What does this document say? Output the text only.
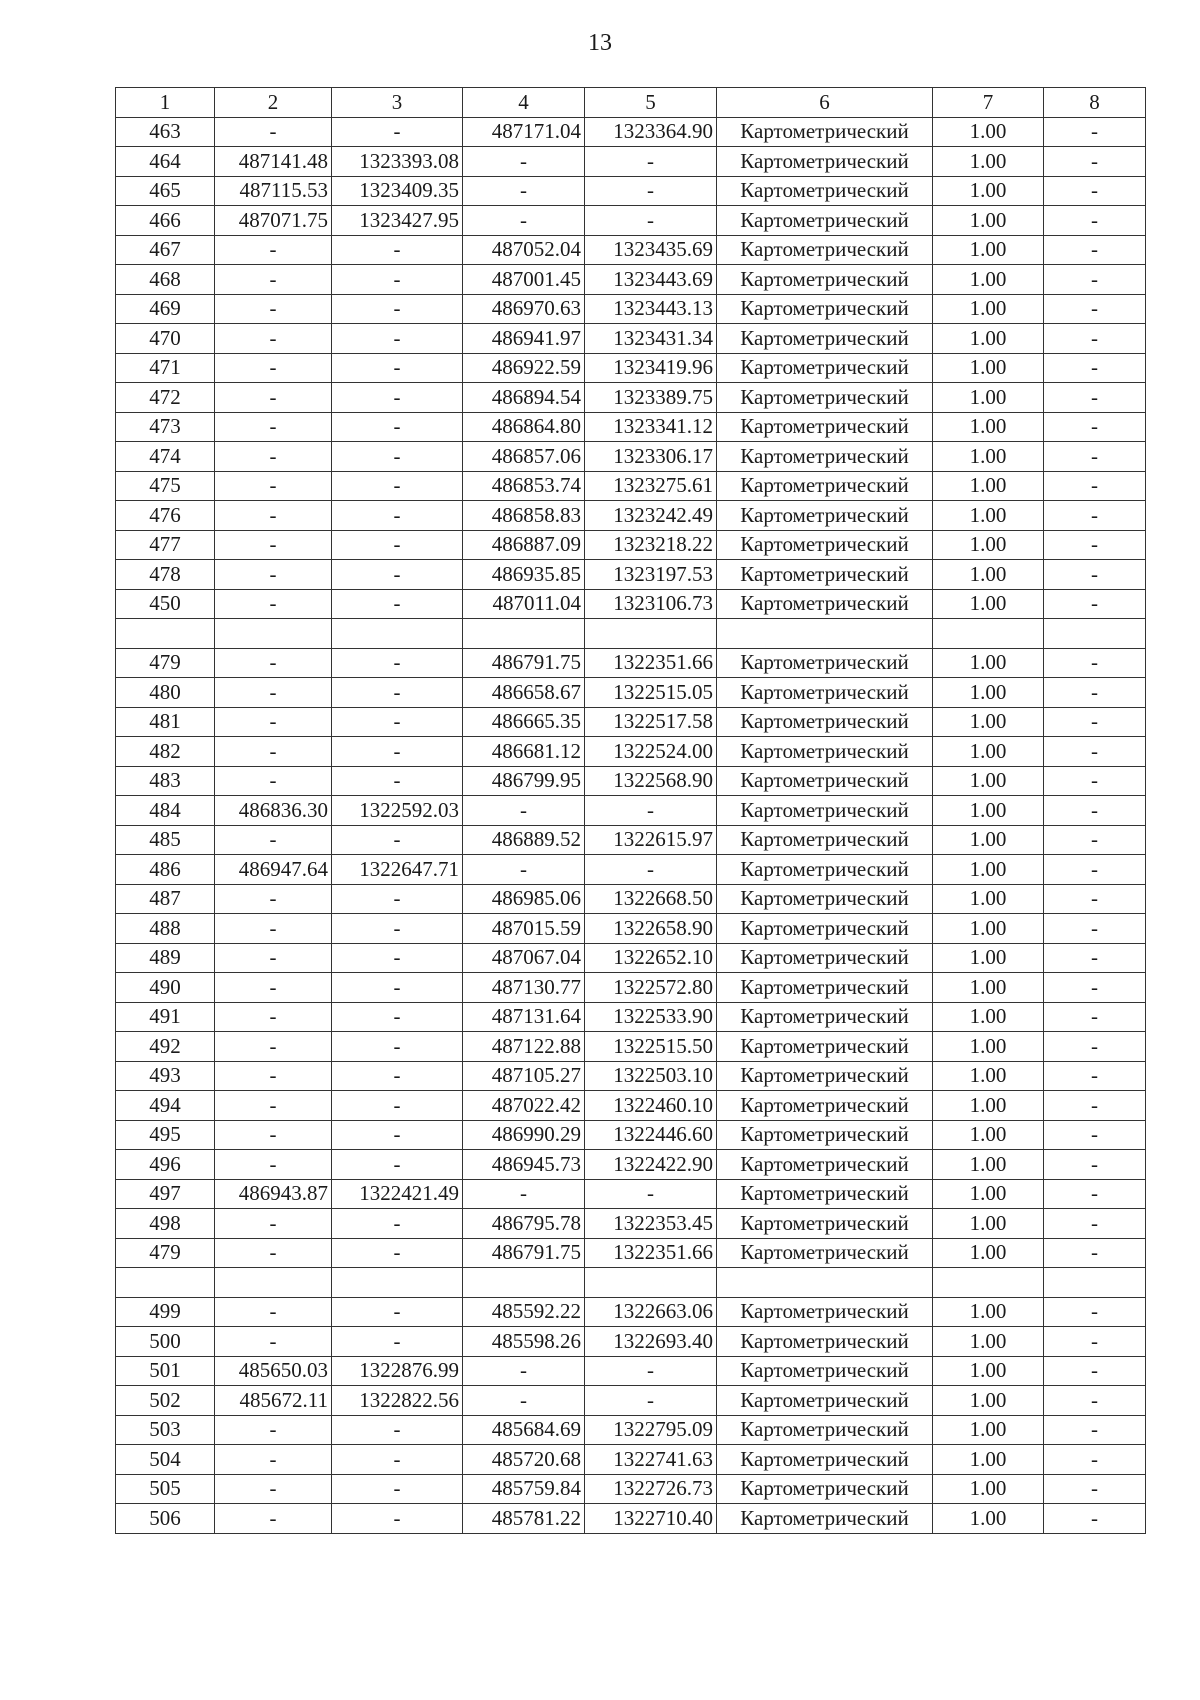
13
1	2	3	4	5	6	7	8
463	-	-	487171.04	1323364.90	Картометрический	1.00	-
464	487141.48	1323393.08	-	-	Картометрический	1.00	-
465	487115.53	1323409.35	-	-	Картометрический	1.00	-
466	487071.75	1323427.95	-	-	Картометрический	1.00	-
467	-	-	487052.04	1323435.69	Картометрический	1.00	-
468	-	-	487001.45	1323443.69	Картометрический	1.00	-
469	-	-	486970.63	1323443.13	Картометрический	1.00	-
470	-	-	486941.97	1323431.34	Картометрический	1.00	-
471	-	-	486922.59	1323419.96	Картометрический	1.00	-
472	-	-	486894.54	1323389.75	Картометрический	1.00	-
473	-	-	486864.80	1323341.12	Картометрический	1.00	-
474	-	-	486857.06	1323306.17	Картометрический	1.00	-
475	-	-	486853.74	1323275.61	Картометрический	1.00	-
476	-	-	486858.83	1323242.49	Картометрический	1.00	-
477	-	-	486887.09	1323218.22	Картометрический	1.00	-
478	-	-	486935.85	1323197.53	Картометрический	1.00	-
450	-	-	487011.04	1323106.73	Картометрический	1.00	-

479	-	-	486791.75	1322351.66	Картометрический	1.00	-
480	-	-	486658.67	1322515.05	Картометрический	1.00	-
481	-	-	486665.35	1322517.58	Картометрический	1.00	-
482	-	-	486681.12	1322524.00	Картометрический	1.00	-
483	-	-	486799.95	1322568.90	Картометрический	1.00	-
484	486836.30	1322592.03	-	-	Картометрический	1.00	-
485	-	-	486889.52	1322615.97	Картометрический	1.00	-
486	486947.64	1322647.71	-	-	Картометрический	1.00	-
487	-	-	486985.06	1322668.50	Картометрический	1.00	-
488	-	-	487015.59	1322658.90	Картометрический	1.00	-
489	-	-	487067.04	1322652.10	Картометрический	1.00	-
490	-	-	487130.77	1322572.80	Картометрический	1.00	-
491	-	-	487131.64	1322533.90	Картометрический	1.00	-
492	-	-	487122.88	1322515.50	Картометрический	1.00	-
493	-	-	487105.27	1322503.10	Картометрический	1.00	-
494	-	-	487022.42	1322460.10	Картометрический	1.00	-
495	-	-	486990.29	1322446.60	Картометрический	1.00	-
496	-	-	486945.73	1322422.90	Картометрический	1.00	-
497	486943.87	1322421.49	-	-	Картометрический	1.00	-
498	-	-	486795.78	1322353.45	Картометрический	1.00	-
479	-	-	486791.75	1322351.66	Картометрический	1.00	-

499	-	-	485592.22	1322663.06	Картометрический	1.00	-
500	-	-	485598.26	1322693.40	Картометрический	1.00	-
501	485650.03	1322876.99	-	-	Картометрический	1.00	-
502	485672.11	1322822.56	-	-	Картометрический	1.00	-
503	-	-	485684.69	1322795.09	Картометрический	1.00	-
504	-	-	485720.68	1322741.63	Картометрический	1.00	-
505	-	-	485759.84	1322726.73	Картометрический	1.00	-
506	-	-	485781.22	1322710.40	Картометрический	1.00	-
